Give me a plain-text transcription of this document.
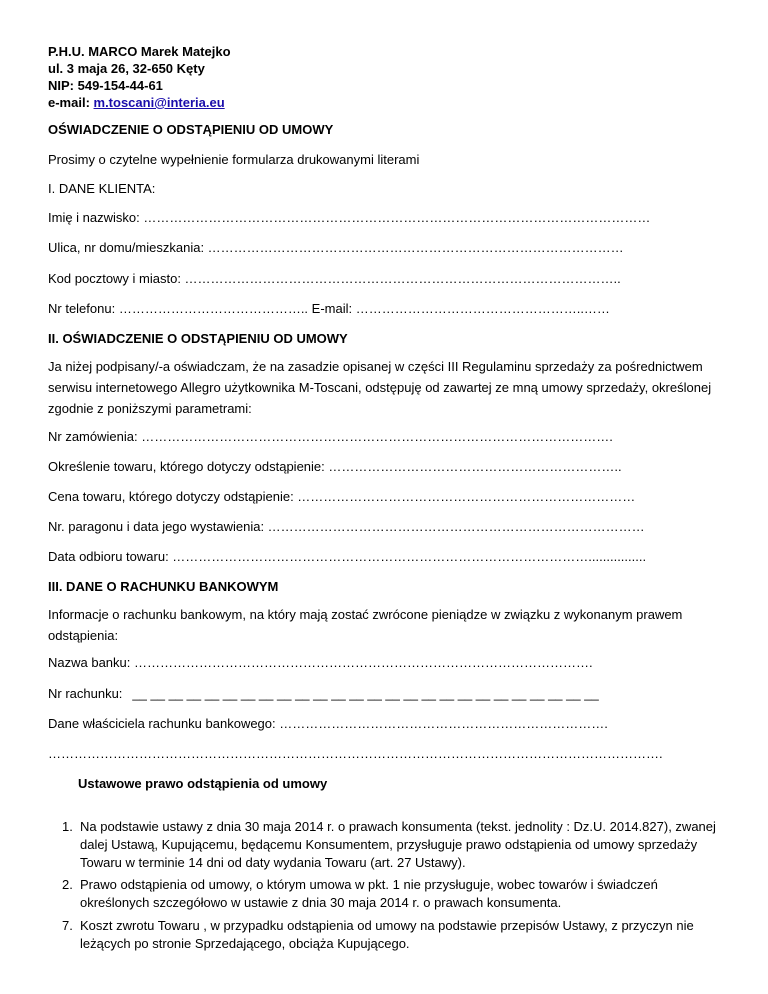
P.H.U. MARCO Marek Matejko
ul. 3 maja 26, 32-650 Kęty
NIP: 549-154-44-61
e-mail: m.toscani@interia.eu
OŚWIADCZENIE O ODSTĄPIENIU OD UMOWY
Prosimy o czytelne wypełnienie formularza drukowanymi literami
I. DANE KLIENTA:
Imię i nazwisko: ………………………………………………………………………………………………………
Ulica, nr domu/mieszkania: ……………………………………………………………………………………
Kod pocztowy i miasto: ………………………………………………………………………………………..
Nr telefonu: …………………………………….. E-mail: ……………………………………………..……
II. OŚWIADCZENIE O ODSTĄPIENIU OD UMOWY
Ja niżej podpisany/-a oświadczam, że na zasadzie opisanej w części III Regulaminu sprzedaży za pośrednictwem serwisu internetowego Allegro użytkownika M-Toscani, odstępuję od zawartej ze mną umowy sprzedaży, określonej zgodnie z poniższymi parametrami:
Nr zamówienia: ……………………………………………………………………………………………….
Określenie towaru, którego dotyczy odstąpienie: …………………………………………………………..
Cena towaru, którego dotyczy odstąpienie: ……………………………………………………………………
Nr. paragonu i data jego wystawienia: ……………………………………………………………………………
Data odbioru towaru: ……………………………………………………………………………………................
III. DANE O RACHUNKU BANKOWYM
Informacje o rachunku bankowym, na który mają zostać zwrócone pieniądze w związku z wykonanym prawem odstąpienia:
Nazwa banku: …………………………………………………………………………………………….
Nr rachunku: __ __ __ __ __ __ __ __ __ __ __ __ __ __ __ __ __ __ __ __ __ __ __ __ __ __
Dane właściciela rachunku bankowego: ………………………………………………………………….
…………………………………………………………………………………………………………………………….
Ustawowe prawo odstąpienia od umowy
1. Na podstawie ustawy z dnia 30 maja 2014 r. o prawach konsumenta (tekst. jednolity : Dz.U. 2014.827), zwanej dalej Ustawą, Kupującemu, będącemu Konsumentem, przysługuje prawo odstąpienia od umowy sprzedaży Towaru w terminie 14 dni od daty wydania Towaru (art. 27 Ustawy).
2. Prawo odstąpienia od umowy, o którym umowa w pkt. 1 nie przysługuje, wobec towarów i świadczeń określonych szczegółowo w ustawie z dnia 30 maja 2014 r. o prawach konsumenta.
7. Koszt zwrotu Towaru , w przypadku odstąpienia od umowy na podstawie przepisów Ustawy, z przyczyn nie leżących po stronie Sprzedającego, obciąża Kupującego.
